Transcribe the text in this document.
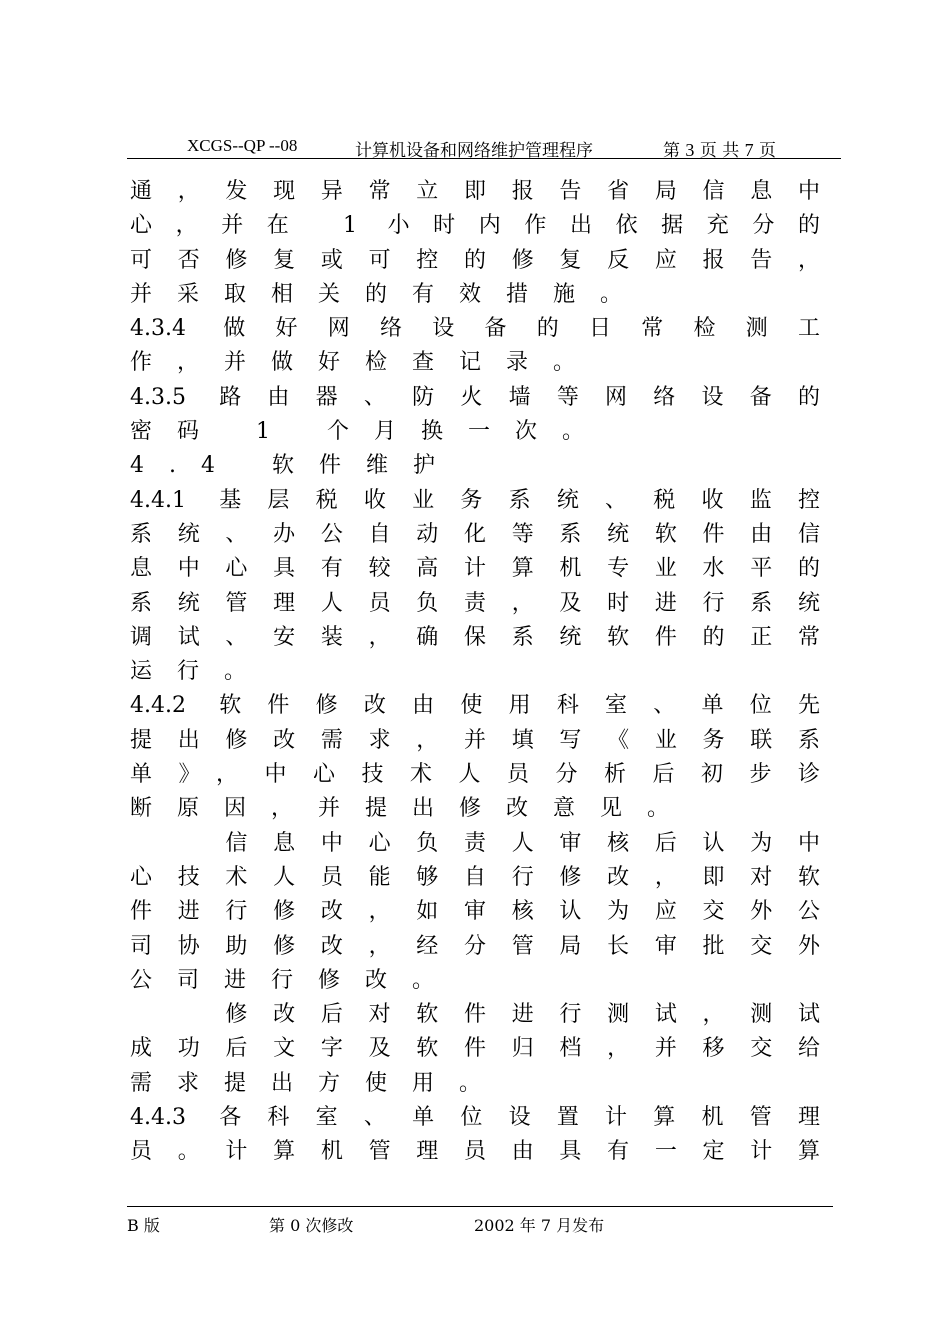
XCGS--QP --08	计算机设备和网络维护管理程序	第 3 页 共 7 页
通，发现异常立即报告省局信息中
心，并在 1 小时内作出依据充分的
可否修复或可控的修复反应报告，
并采取相关的有效措施。
4.3.4 做好网络设备的日常检测工
作，并做好检查记录。
4.3.5 路由器、防火墙等网络设备的
密码 1 个月换一次。
4.4 软件维护
4.4.1 基层税收业务系统、税收监控
系统、办公自动化等系统软件由信
息中心具有较高计算机专业水平的
系统管理人员负责，及时进行系统
调试、安装，确保系统软件的正常
运行。
4.4.2 软件修改由使用科室、单位先
提出修改需求，并填写《业务联系
单》，中心技术人员分析后初步诊
断原因，并提出修改意见。
　　信息中心负责人审核后认为中
心技术人员能够自行修改，即对软
件进行修改，如审核认为应交外公
司协助修改，经分管局长审批交外
公司进行修改。
　　修改后对软件进行测试，测试
成功后文字及软件归档，并移交给
需求提出方使用。
4.4.3 各科室、单位设置计算机管理
员。计算机管理员由具有一定计算
B 版	第 0 次修改	2002 年 7 月发布
